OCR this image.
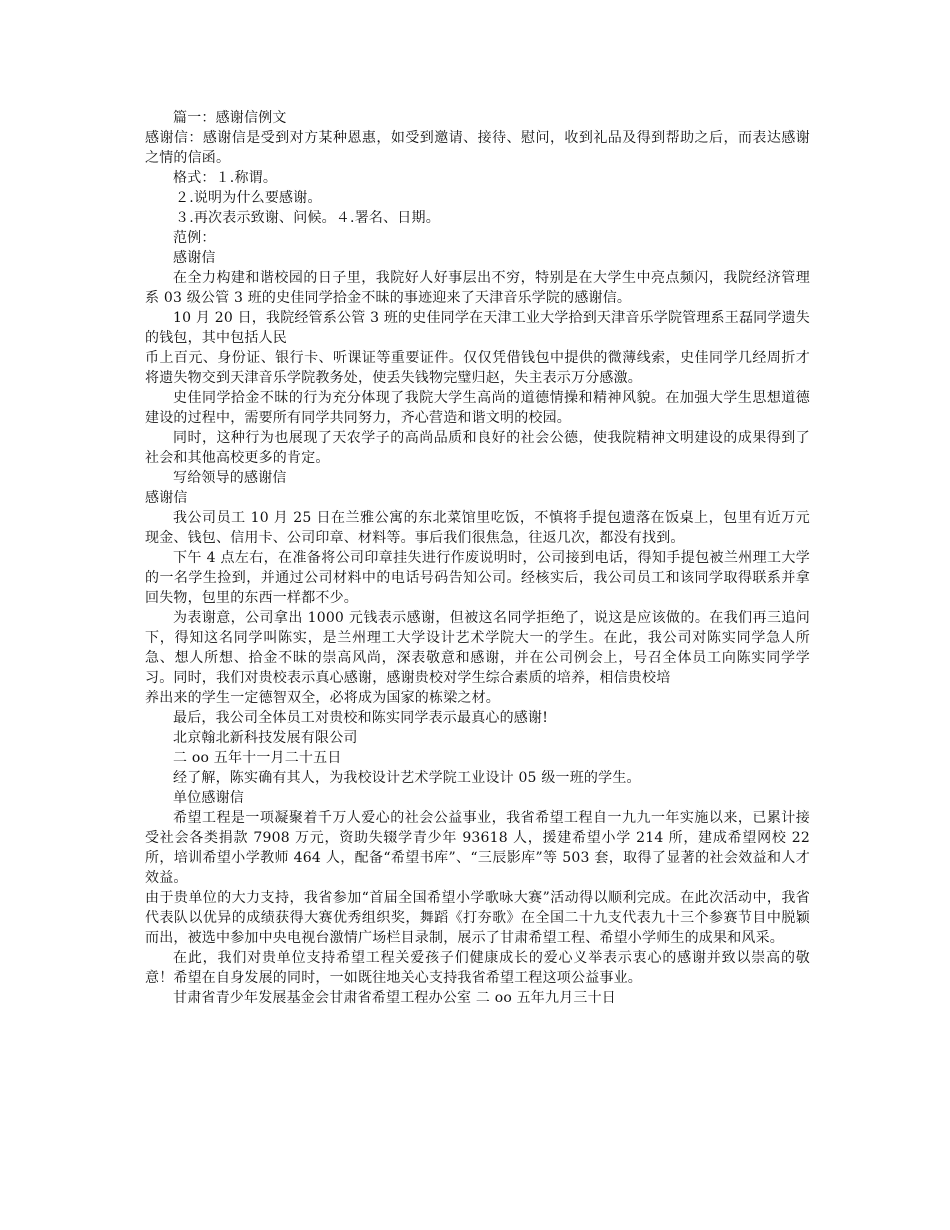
篇一：感谢信例文

感谢信：感谢信是受到对方某种恩惠，如受到邀请、接待、慰问，收到礼品及得到帮助之后，而表达感谢之情的信函。

格式：１.称谓。

２.说明为什么要感谢。

３.再次表示致谢、问候。４.署名、日期。

范例：

感谢信

在全力构建和谐校园的日子里，我院好人好事层出不穷，特别是在大学生中亮点频闪，我院经济管理系 03 级公管 3 班的史佳同学拾金不昧的事迹迎来了天津音乐学院的感谢信。

10 月 20 日，我院经管系公管 3 班的史佳同学在天津工业大学拾到天津音乐学院管理系王磊同学遗失的钱包，其中包括人民

币上百元、身份证、银行卡、听课证等重要证件。仅仅凭借钱包中提供的微薄线索，史佳同学几经周折才将遗失物交到天津音乐学院教务处，使丢失钱物完璧归赵，失主表示万分感激。

史佳同学拾金不昧的行为充分体现了我院大学生高尚的道德情操和精神风貌。在加强大学生思想道德建设的过程中，需要所有同学共同努力，齐心营造和谐文明的校园。

同时，这种行为也展现了天农学子的高尚品质和良好的社会公德，使我院精神文明建设的成果得到了社会和其他高校更多的肯定。

写给领导的感谢信

感谢信

我公司员工 10 月 25 日在兰雅公寓的东北菜馆里吃饭，不慎将手提包遗落在饭桌上，包里有近万元现金、钱包、信用卡、公司印章、材料等。事后我们很焦急，往返几次，都没有找到。

下午 4 点左右，在准备将公司印章挂失进行作废说明时，公司接到电话，得知手提包被兰州理工大学的一名学生捡到，并通过公司材料中的电话号码告知公司。经核实后，我公司员工和该同学取得联系并拿回失物，包里的东西一样都不少。

为表谢意，公司拿出 1000 元钱表示感谢，但被这名同学拒绝了，说这是应该做的。在我们再三追问下，得知这名同学叫陈实，是兰州理工大学设计艺术学院大一的学生。在此，我公司对陈实同学急人所急、想人所想、拾金不昧的崇高风尚，深表敬意和感谢，并在公司例会上，号召全体员工向陈实同学学习。同时，我们对贵校表示真心感谢，感谢贵校对学生综合素质的培养，相信贵校培

养出来的学生一定德智双全，必将成为国家的栋梁之材。

最后，我公司全体员工对贵校和陈实同学表示最真心的感谢!

北京翰北新科技发展有限公司

二 oo 五年十一月二十五日

经了解，陈实确有其人，为我校设计艺术学院工业设计 05 级一班的学生。

单位感谢信

希望工程是一项凝聚着千万人爱心的社会公益事业，我省希望工程自一九九一年实施以来，已累计接受社会各类捐款 7908 万元，资助失辍学青少年 93618 人，援建希望小学 214 所，建成希望网校 22 所，培训希望小学教师 464 人，配备“希望书库”、“三辰影库”等 503 套，取得了显著的社会效益和人才效益。

由于贵单位的大力支持，我省参加“首届全国希望小学歌咏大赛”活动得以顺利完成。在此次活动中，我省代表队以优异的成绩获得大赛优秀组织奖，舞蹈《打夯歌》在全国二十九支代表九十三个参赛节目中脱颖而出，被选中参加中央电视台激情广场栏目录制，展示了甘肃希望工程、希望小学师生的成果和风采。

在此，我们对贵单位支持希望工程关爱孩子们健康成长的爱心义举表示衷心的感谢并致以崇高的敬意！希望在自身发展的同时，一如既往地关心支持我省希望工程这项公益事业。

甘肃省青少年发展基金会甘肃省希望工程办公室 二 oo 五年九月三十日
